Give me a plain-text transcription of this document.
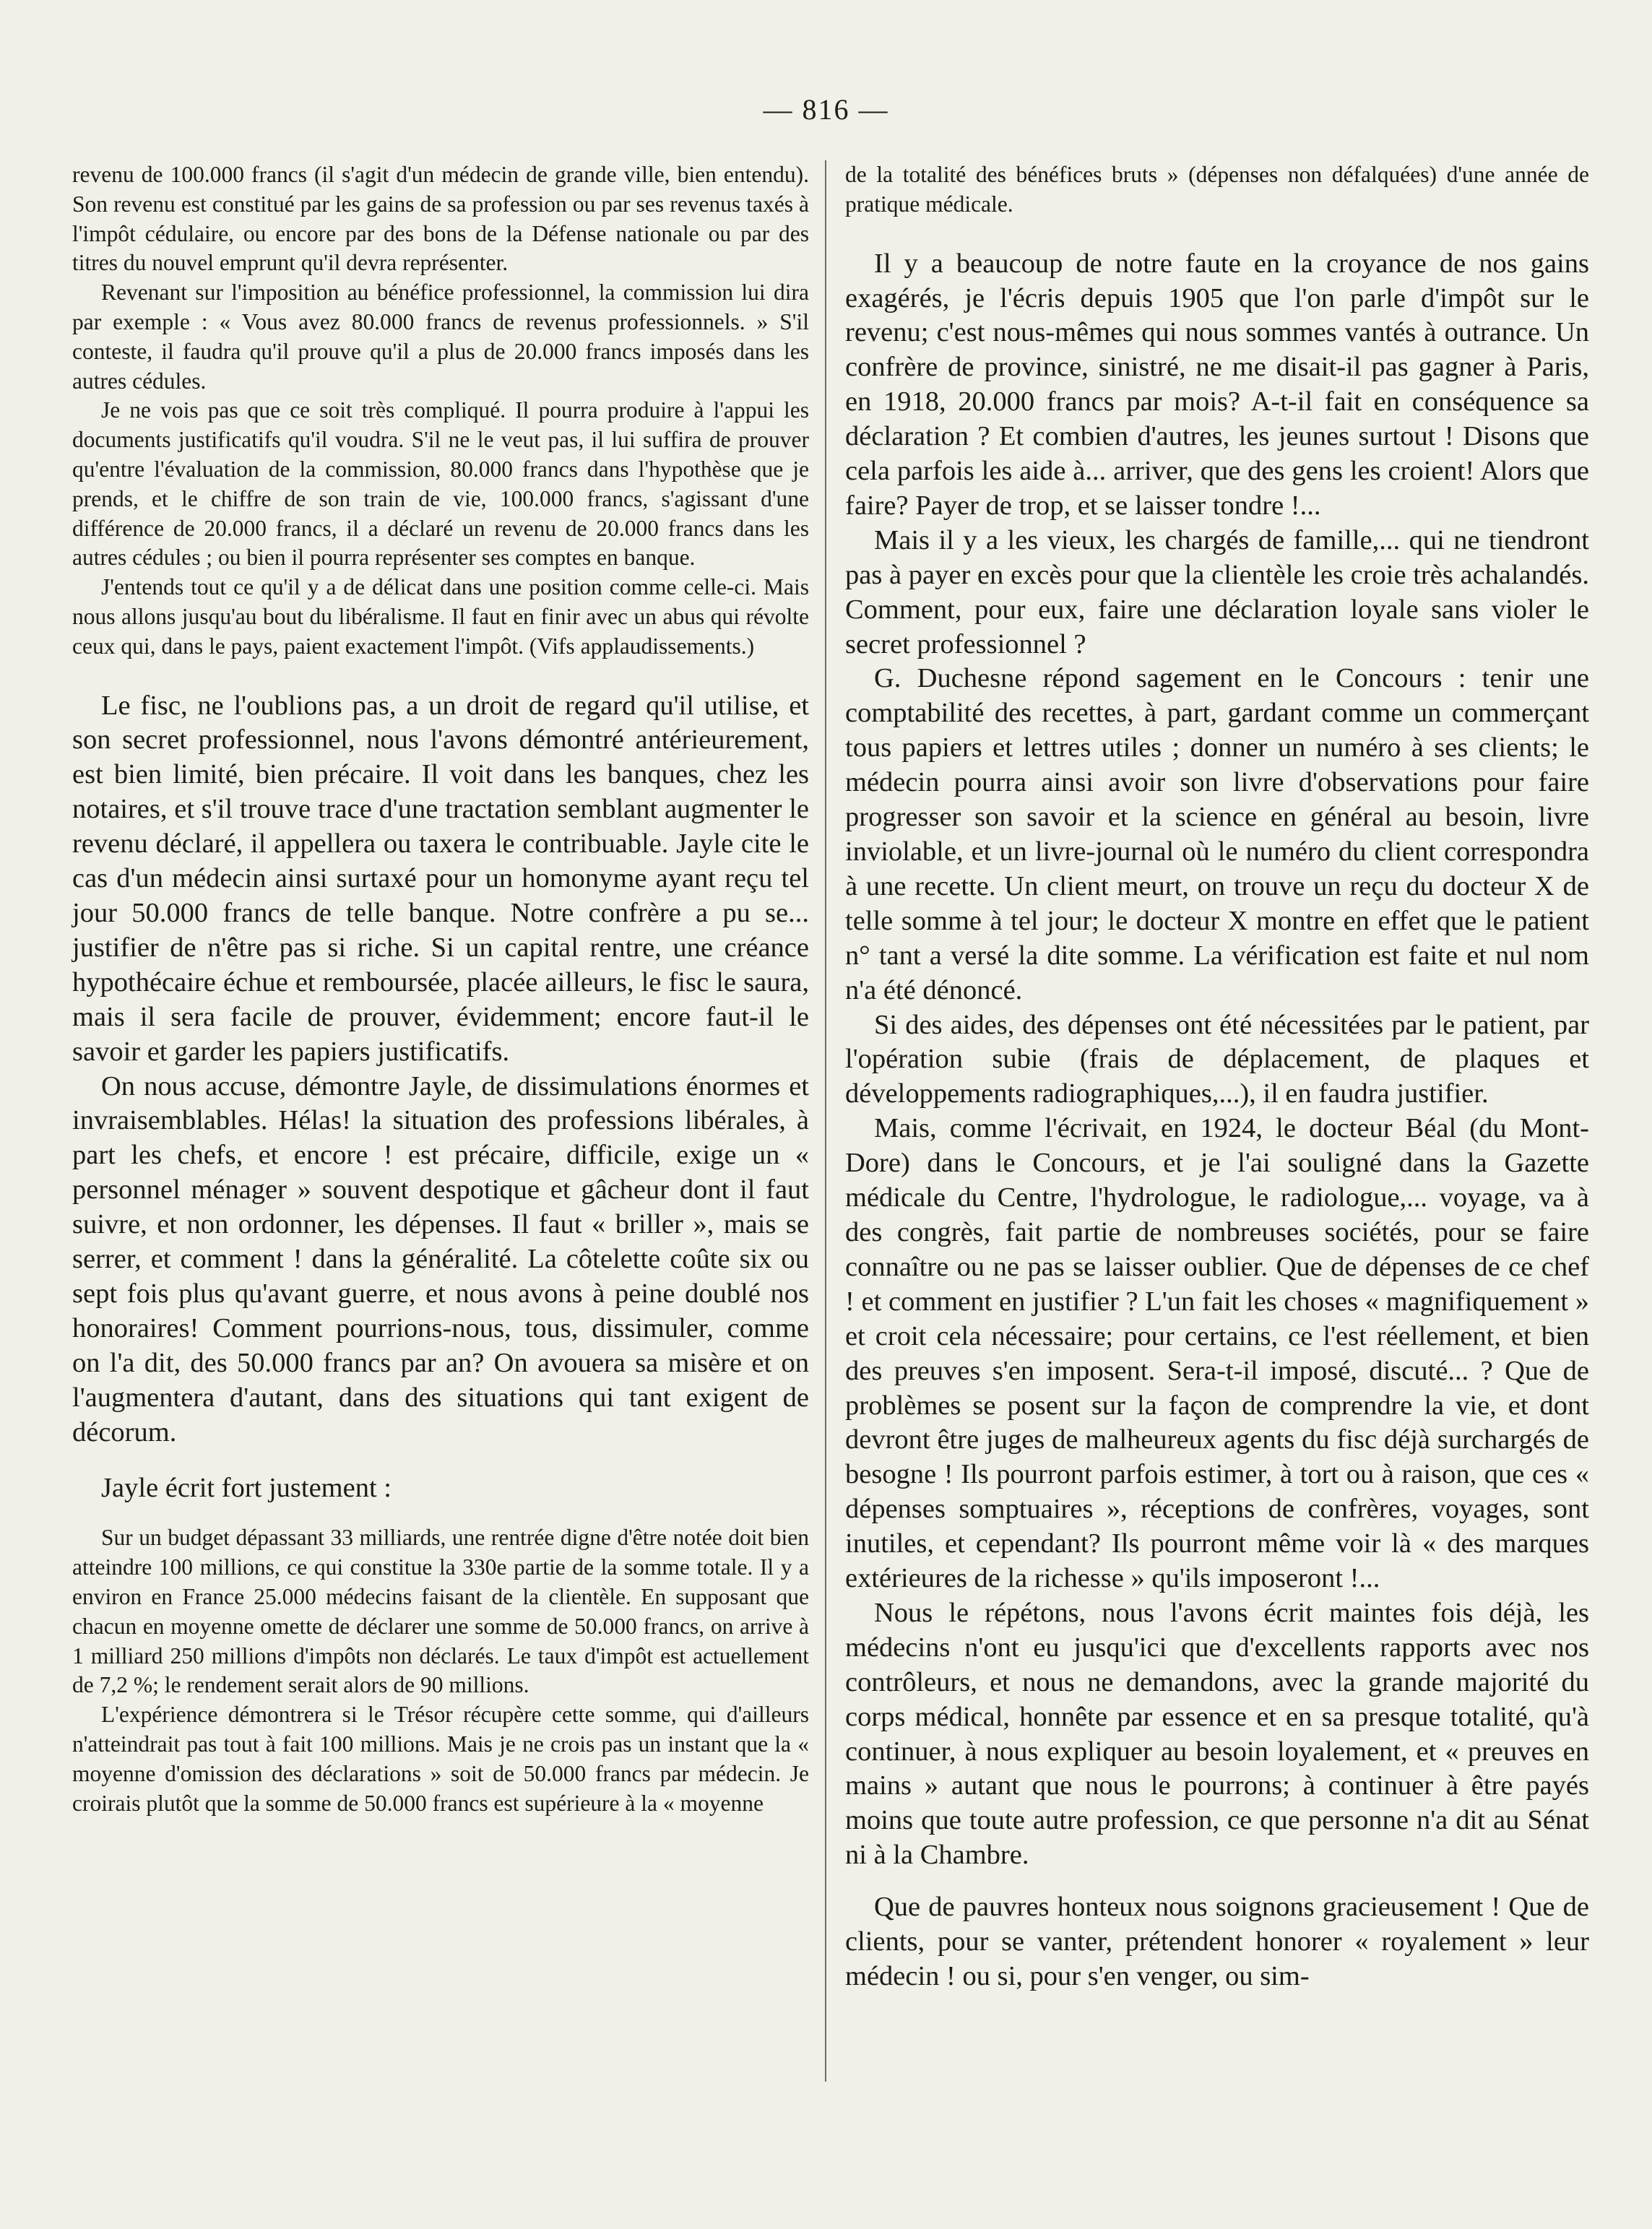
— 816 —

revenu de 100.000 francs (il s'agit d'un médecin de grande ville, bien entendu). Son revenu est constitué par les gains de sa profession ou par ses revenus taxés à l'impôt cédulaire, ou encore par des bons de la Défense nationale ou par des titres du nouvel emprunt qu'il devra représenter.

Revenant sur l'imposition au bénéfice professionnel, la commission lui dira par exemple : « Vous avez 80.000 francs de revenus professionnels. » S'il conteste, il faudra qu'il prouve qu'il a plus de 20.000 francs imposés dans les autres cédules.

Je ne vois pas que ce soit très compliqué. Il pourra produire à l'appui les documents justificatifs qu'il voudra. S'il ne le veut pas, il lui suffira de prouver qu'entre l'évaluation de la commission, 80.000 francs dans l'hypothèse que je prends, et le chiffre de son train de vie, 100.000 francs, s'agissant d'une différence de 20.000 francs, il a déclaré un revenu de 20.000 francs dans les autres cédules ; ou bien il pourra représenter ses comptes en banque.

J'entends tout ce qu'il y a de délicat dans une position comme celle-ci. Mais nous allons jusqu'au bout du libéralisme. Il faut en finir avec un abus qui révolte ceux qui, dans le pays, paient exactement l'impôt. (Vifs applaudissements.)

Le fisc, ne l'oublions pas, a un droit de regard qu'il utilise, et son secret professionnel, nous l'avons démontré antérieurement, est bien limité, bien précaire. Il voit dans les banques, chez les notaires, et s'il trouve trace d'une tractation semblant augmenter le revenu déclaré, il appellera ou taxera le contribuable. Jayle cite le cas d'un médecin ainsi surtaxé pour un homonyme ayant reçu tel jour 50.000 francs de telle banque. Notre confrère a pu se... justifier de n'être pas si riche. Si un capital rentre, une créance hypothécaire échue et remboursée, placée ailleurs, le fisc le saura, mais il sera facile de prouver, évidemment; encore faut-il le savoir et garder les papiers justificatifs.

On nous accuse, démontre Jayle, de dissimulations énormes et invraisemblables. Hélas! la situation des professions libérales, à part les chefs, et encore ! est précaire, difficile, exige un « personnel ménager » souvent despotique et gâcheur dont il faut suivre, et non ordonner, les dépenses. Il faut « briller », mais se serrer, et comment ! dans la généralité. La côtelette coûte six ou sept fois plus qu'avant guerre, et nous avons à peine doublé nos honoraires! Comment pourrions-nous, tous, dissimuler, comme on l'a dit, des 50.000 francs par an? On avouera sa misère et on l'augmentera d'autant, dans des situations qui tant exigent de décorum.

Jayle écrit fort justement :

Sur un budget dépassant 33 milliards, une rentrée digne d'être notée doit bien atteindre 100 millions, ce qui constitue la 330e partie de la somme totale. Il y a environ en France 25.000 médecins faisant de la clientèle. En supposant que chacun en moyenne omette de déclarer une somme de 50.000 francs, on arrive à 1 milliard 250 millions d'impôts non déclarés. Le taux d'impôt est actuellement de 7,2 %; le rendement serait alors de 90 millions.

L'expérience démontrera si le Trésor récupère cette somme, qui d'ailleurs n'atteindrait pas tout à fait 100 millions. Mais je ne crois pas un instant que la « moyenne d'omission des déclarations » soit de 50.000 francs par médecin. Je croirais plutôt que la somme de 50.000 francs est supérieure à la « moyenne

de la totalité des bénéfices bruts » (dépenses non défalquées) d'une année de pratique médicale.

Il y a beaucoup de notre faute en la croyance de nos gains exagérés, je l'écris depuis 1905 que l'on parle d'impôt sur le revenu; c'est nous-mêmes qui nous sommes vantés à outrance. Un confrère de province, sinistré, ne me disait-il pas gagner à Paris, en 1918, 20.000 francs par mois? A-t-il fait en conséquence sa déclaration ? Et combien d'autres, les jeunes surtout ! Disons que cela parfois les aide à... arriver, que des gens les croient! Alors que faire? Payer de trop, et se laisser tondre !...

Mais il y a les vieux, les chargés de famille,... qui ne tiendront pas à payer en excès pour que la clientèle les croie très achalandés. Comment, pour eux, faire une déclaration loyale sans violer le secret professionnel ?

G. Duchesne répond sagement en le Concours : tenir une comptabilité des recettes, à part, gardant comme un commerçant tous papiers et lettres utiles ; donner un numéro à ses clients; le médecin pourra ainsi avoir son livre d'observations pour faire progresser son savoir et la science en général au besoin, livre inviolable, et un livre-journal où le numéro du client correspondra à une recette. Un client meurt, on trouve un reçu du docteur X de telle somme à tel jour; le docteur X montre en effet que le patient n° tant a versé la dite somme. La vérification est faite et nul nom n'a été dénoncé.

Si des aides, des dépenses ont été nécessitées par le patient, par l'opération subie (frais de déplacement, de plaques et développements radiographiques,...), il en faudra justifier.

Mais, comme l'écrivait, en 1924, le docteur Béal (du Mont-Dore) dans le Concours, et je l'ai souligné dans la Gazette médicale du Centre, l'hydrologue, le radiologue,... voyage, va à des congrès, fait partie de nombreuses sociétés, pour se faire connaître ou ne pas se laisser oublier. Que de dépenses de ce chef ! et comment en justifier ? L'un fait les choses « magnifiquement » et croit cela nécessaire; pour certains, ce l'est réellement, et bien des preuves s'en imposent. Sera-t-il imposé, discuté... ? Que de problèmes se posent sur la façon de comprendre la vie, et dont devront être juges de malheureux agents du fisc déjà surchargés de besogne ! Ils pourront parfois estimer, à tort ou à raison, que ces « dépenses somptuaires », réceptions de confrères, voyages, sont inutiles, et cependant? Ils pourront même voir là « des marques extérieures de la richesse » qu'ils imposeront !...

Nous le répétons, nous l'avons écrit maintes fois déjà, les médecins n'ont eu jusqu'ici que d'excellents rapports avec nos contrôleurs, et nous ne demandons, avec la grande majorité du corps médical, honnête par essence et en sa presque totalité, qu'à continuer, à nous expliquer au besoin loyalement, et « preuves en mains » autant que nous le pourrons; à continuer à être payés moins que toute autre profession, ce que personne n'a dit au Sénat ni à la Chambre.

Que de pauvres honteux nous soignons gracieusement ! Que de clients, pour se vanter, prétendent honorer « royalement » leur médecin ! ou si, pour s'en venger, ou sim-
